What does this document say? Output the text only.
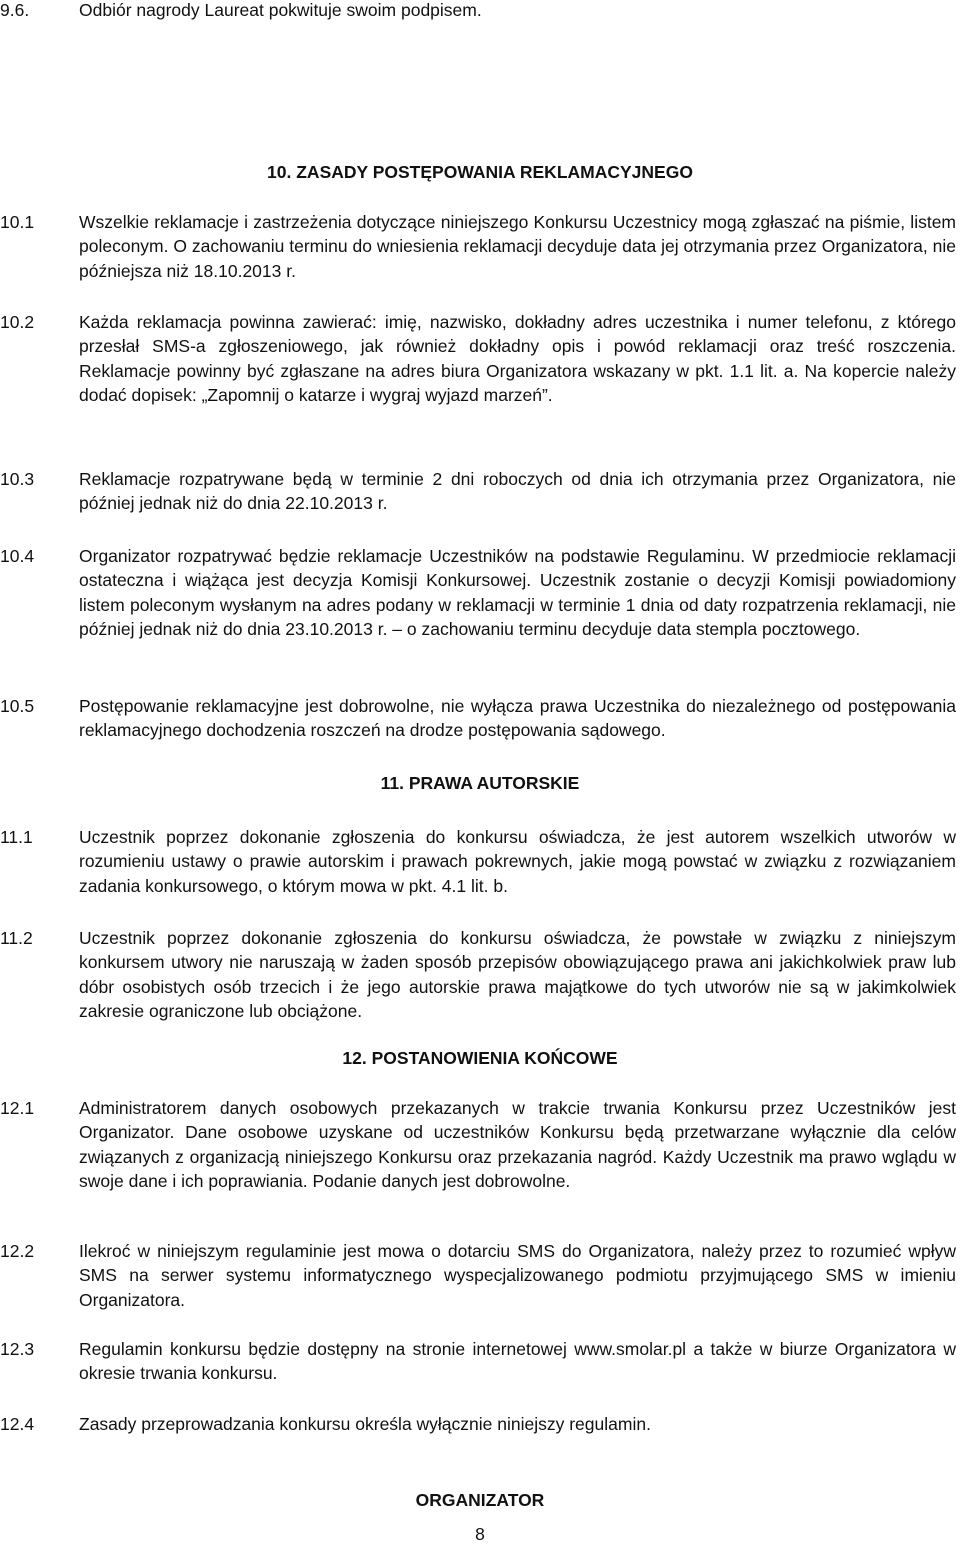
9.6.	Odbiór nagrody Laureat pokwituje swoim podpisem.
10. ZASADY POSTĘPOWANIA REKLAMACYJNEGO
10.1	Wszelkie reklamacje i zastrzeżenia dotyczące niniejszego Konkursu Uczestnicy mogą zgłaszać na piśmie, listem poleconym. O zachowaniu terminu do wniesienia reklamacji decyduje data jej otrzymania przez Organizatora, nie późniejsza niż 18.10.2013 r.
10.2	Każda reklamacja powinna zawierać: imię, nazwisko, dokładny adres uczestnika i numer telefonu, z którego przesłał SMS-a zgłoszeniowego, jak również dokładny opis i powód reklamacji oraz treść roszczenia. Reklamacje powinny być zgłaszane na adres biura Organizatora wskazany w pkt. 1.1 lit. a. Na kopercie należy dodać dopisek: „Zapomnij o katarze i wygraj wyjazd marzeń”.
10.3	Reklamacje rozpatrywane będą w terminie 2 dni roboczych od dnia ich otrzymania przez Organizatora, nie później jednak niż do dnia 22.10.2013 r.
10.4	Organizator rozpatrywać będzie reklamacje Uczestników na podstawie Regulaminu. W przedmiocie reklamacji ostateczna i wiążąca jest decyzja Komisji Konkursowej. Uczestnik zostanie o decyzji Komisji powiadomiony listem poleconym wysłanym na adres podany w reklamacji w terminie 1 dnia od daty rozpatrzenia reklamacji, nie później jednak niż do dnia 23.10.2013 r. – o zachowaniu terminu decyduje data stempla pocztowego.
10.5	Postępowanie reklamacyjne jest dobrowolne, nie wyłącza prawa Uczestnika do niezależnego od postępowania reklamacyjnego dochodzenia roszczeń na drodze postępowania sądowego.
11. PRAWA AUTORSKIE
11.1	Uczestnik poprzez dokonanie zgłoszenia do konkursu oświadcza, że jest autorem wszelkich utworów w rozumieniu ustawy o prawie autorskim i prawach pokrewnych, jakie mogą powstać w związku z rozwiązaniem zadania konkursowego, o którym mowa w pkt. 4.1 lit. b.
11.2	Uczestnik poprzez dokonanie zgłoszenia do konkursu oświadcza, że powstałe w związku z niniejszym konkursem utwory nie naruszają w żaden sposób przepisów obowiązującego prawa ani jakichkolwiek praw lub dóbr osobistych osób trzecich i że jego autorskie prawa majątkowe do tych utworów nie są w jakimkolwiek zakresie ograniczone lub obciążone.
12. POSTANOWIENIA KOŃCOWE
12.1	Administratorem danych osobowych przekazanych w trakcie trwania Konkursu przez Uczestników jest Organizator. Dane osobowe uzyskane od uczestników Konkursu będą przetwarzane wyłącznie dla celów związanych z organizacją niniejszego Konkursu oraz przekazania nagród. Każdy Uczestnik ma prawo wglądu w swoje dane i ich poprawiania. Podanie danych jest dobrowolne.
12.2	Ilekroć w niniejszym regulaminie jest mowa o dotarciu SMS do Organizatora, należy przez to rozumieć wpływ SMS na serwer systemu informatycznego wyspecjalizowanego podmiotu przyjmującego SMS w imieniu Organizatora.
12.3	Regulamin konkursu będzie dostępny na stronie internetowej www.smolar.pl a także w biurze Organizatora w okresie trwania konkursu.
12.4	Zasady przeprowadzania konkursu określa wyłącznie niniejszy regulamin.
ORGANIZATOR
8
